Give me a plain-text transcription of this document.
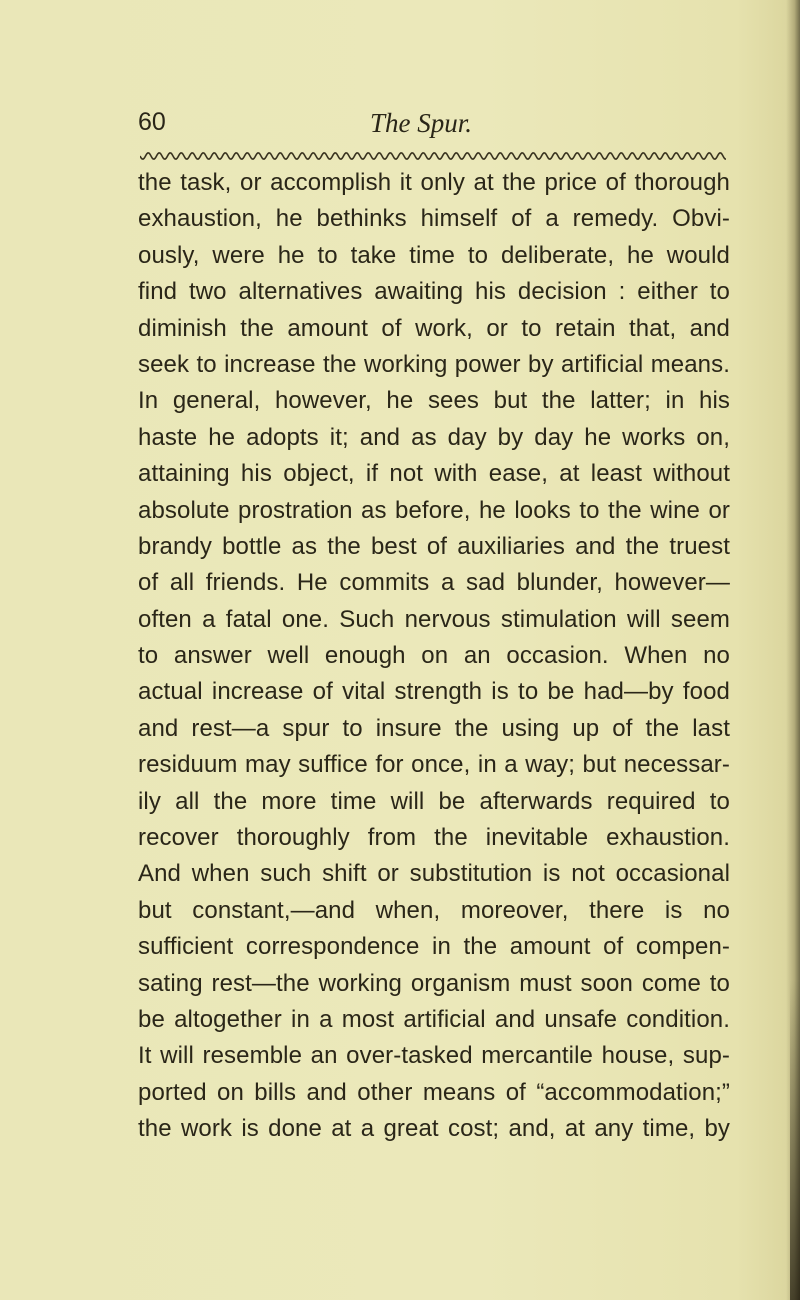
60	The Spur.
the task, or accomplish it only at the price of thorough
exhaustion, he bethinks himself of a remedy. Obvi-
ously, were he to take time to deliberate, he would
find two alternatives awaiting his decision : either to
diminish the amount of work, or to retain that, and
seek to increase the working power by artificial means.
In general, however, he sees but the latter; in his
haste he adopts it; and as day by day he works on,
attaining his object, if not with ease, at least without
absolute prostration as before, he looks to the wine or
brandy bottle as the best of auxiliaries and the truest
of all friends. He commits a sad blunder, however—
often a fatal one. Such nervous stimulation will seem
to answer well enough on an occasion. When no
actual increase of vital strength is to be had—by food
and rest—a spur to insure the using up of the last
residuum may suffice for once, in a way; but necessar-
ily all the more time will be afterwards required to
recover thoroughly from the inevitable exhaustion.
And when such shift or substitution is not occasional
but constant,—and when, moreover, there is no
sufficient correspondence in the amount of compen-
sating rest—the working organism must soon come to
be altogether in a most artificial and unsafe condition.
It will resemble an over-tasked mercantile house, sup-
ported on bills and other means of “accommodation;”
the work is done at a great cost; and, at any time, by
